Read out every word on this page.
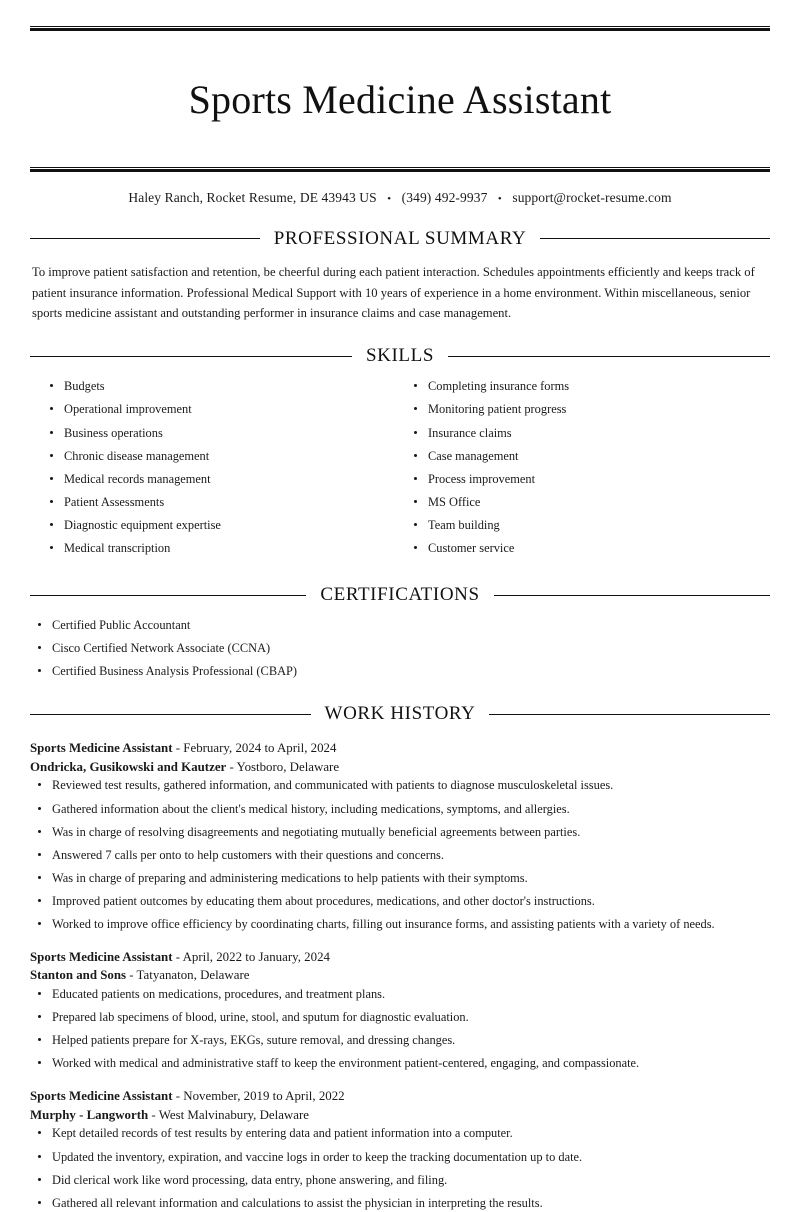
Sports Medicine Assistant
Haley Ranch, Rocket Resume, DE 43943 US • (349) 492-9937 • support@rocket-resume.com
PROFESSIONAL SUMMARY

To improve patient satisfaction and retention, be cheerful during each patient interaction. Schedules appointments efficiently and keeps track of patient insurance information. Professional Medical Support with 10 years of experience in a home environment. Within miscellaneous, senior sports medicine assistant and outstanding performer in insurance claims and case management.

SKILLS
Budgets
Operational improvement
Business operations
Chronic disease management
Medical records management
Patient Assessments
Diagnostic equipment expertise
Medical transcription
Completing insurance forms
Monitoring patient progress
Insurance claims
Case management
Process improvement
MS Office
Team building
Customer service
CERTIFICATIONS
Certified Public Accountant
Cisco Certified Network Associate (CCNA)
Certified Business Analysis Professional (CBAP)
WORK HISTORY
Sports Medicine Assistant - February, 2024 to April, 2024
Ondricka, Gusikowski and Kautzer - Yostboro, Delaware
Reviewed test results, gathered information, and communicated with patients to diagnose musculoskeletal issues.
Gathered information about the client's medical history, including medications, symptoms, and allergies.
Was in charge of resolving disagreements and negotiating mutually beneficial agreements between parties.
Answered 7 calls per onto to help customers with their questions and concerns.
Was in charge of preparing and administering medications to help patients with their symptoms.
Improved patient outcomes by educating them about procedures, medications, and other doctor's instructions.
Worked to improve office efficiency by coordinating charts, filling out insurance forms, and assisting patients with a variety of needs.
Sports Medicine Assistant - April, 2022 to January, 2024
Stanton and Sons - Tatyanaton, Delaware
Educated patients on medications, procedures, and treatment plans.
Prepared lab specimens of blood, urine, stool, and sputum for diagnostic evaluation.
Helped patients prepare for X-rays, EKGs, suture removal, and dressing changes.
Worked with medical and administrative staff to keep the environment patient-centered, engaging, and compassionate.
Sports Medicine Assistant - November, 2019 to April, 2022
Murphy - Langworth - West Malvinabury, Delaware
Kept detailed records of test results by entering data and patient information into a computer.
Updated the inventory, expiration, and vaccine logs in order to keep the tracking documentation up to date.
Did clerical work like word processing, data entry, phone answering, and filing.
Gathered all relevant information and calculations to assist the physician in interpreting the results.
